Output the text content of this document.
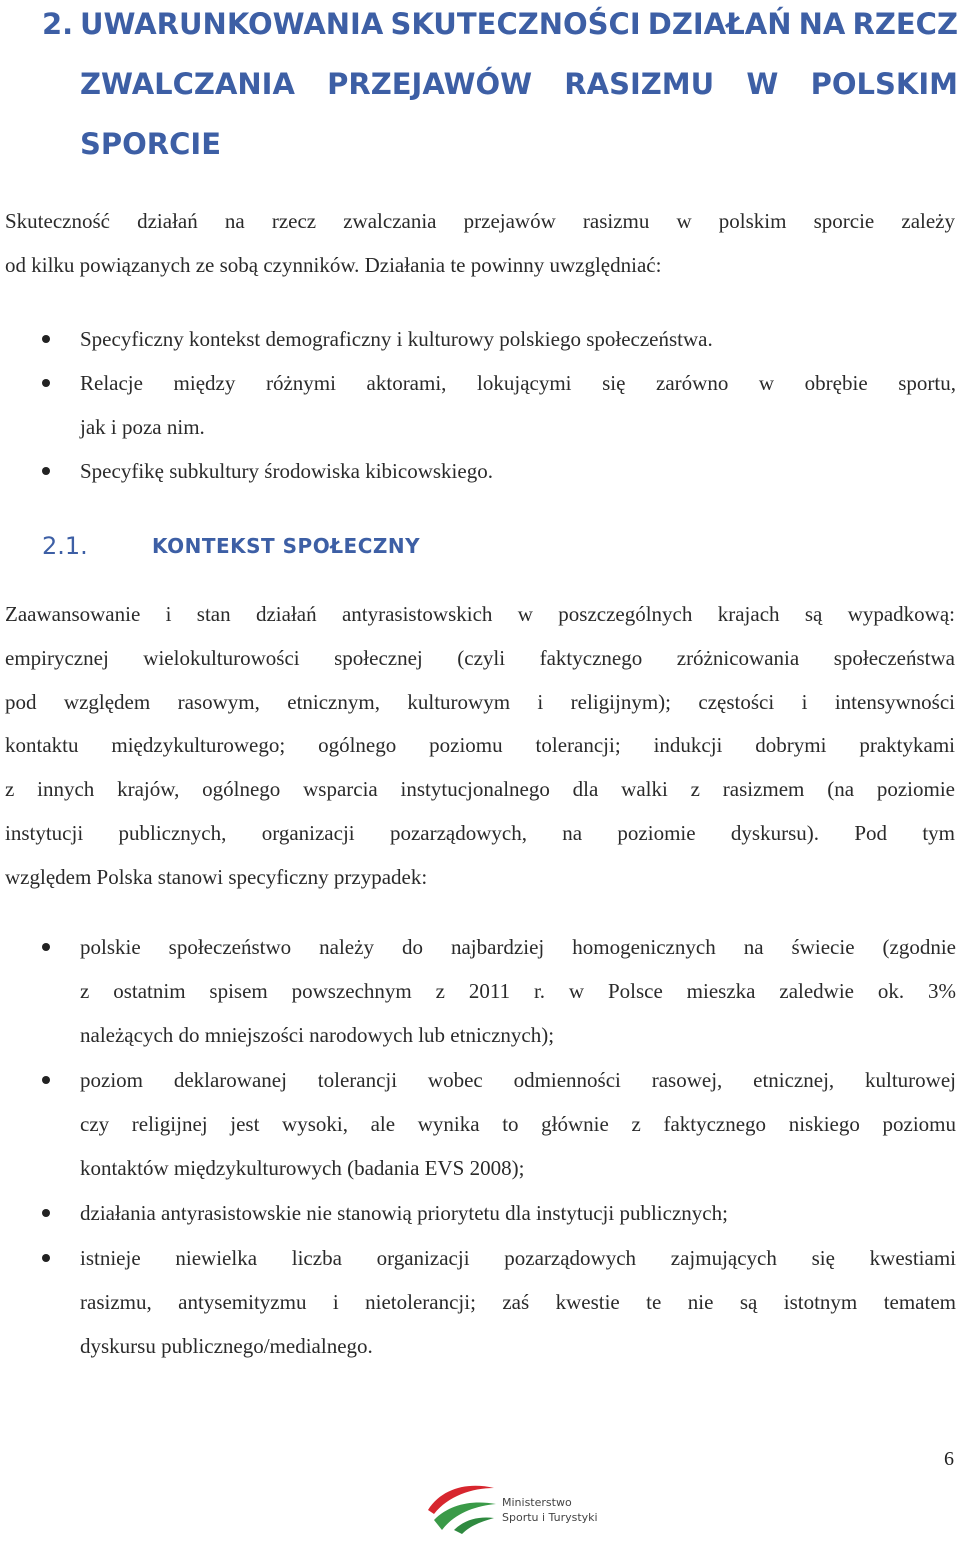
2. UWARUNKOWANIA SKUTECZNOŚCI DZIAŁAŃ NA RZECZ
ZWALCZANIA PRZEJAWÓW RASIZMU W POLSKIM
SPORCIE
Skuteczność działań na rzecz zwalczania przejawów rasizmu w polskim sporcie zależy
od kilku powiązanych ze sobą czynników. Działania te powinny uwzględniać:
Specyficzny kontekst demograficzny i kulturowy polskiego społeczeństwa.
Relacje między różnymi aktorami, lokującymi się zarówno w obrębie sportu,
jak i poza nim.
Specyfikę subkultury środowiska kibicowskiego.
2.1.	KONTEKST SPOŁECZNY
Zaawansowanie i stan działań antyrasistowskich w poszczególnych krajach są wypadkową:
empirycznej wielokulturowości społecznej (czyli faktycznego zróżnicowania społeczeństwa
pod względem rasowym, etnicznym, kulturowym i religijnym); częstości i intensywności
kontaktu międzykulturowego; ogólnego poziomu tolerancji; indukcji dobrymi praktykami
z innych krajów, ogólnego wsparcia instytucjonalnego dla walki z rasizmem (na poziomie
instytucji publicznych, organizacji pozarządowych, na poziomie dyskursu). Pod tym
względem Polska stanowi specyficzny przypadek:
polskie społeczeństwo należy do najbardziej homogenicznych na świecie (zgodnie
z ostatnim spisem powszechnym z 2011 r. w Polsce mieszka zaledwie ok. 3%
należących do mniejszości narodowych lub etnicznych);
poziom deklarowanej tolerancji wobec odmienności rasowej, etnicznej, kulturowej
czy religijnej jest wysoki, ale wynika to głównie z faktycznego niskiego poziomu
kontaktów międzykulturowych (badania EVS 2008);
działania antyrasistowskie nie stanowią priorytetu dla instytucji publicznych;
istnieje niewielka liczba organizacji pozarządowych zajmujących się kwestiami
rasizmu, antysemityzmu i nietolerancji; zaś kwestie te nie są istotnym tematem
dyskursu publicznego/medialnego.
6
Ministerstwo
Sportu i Turystyki
